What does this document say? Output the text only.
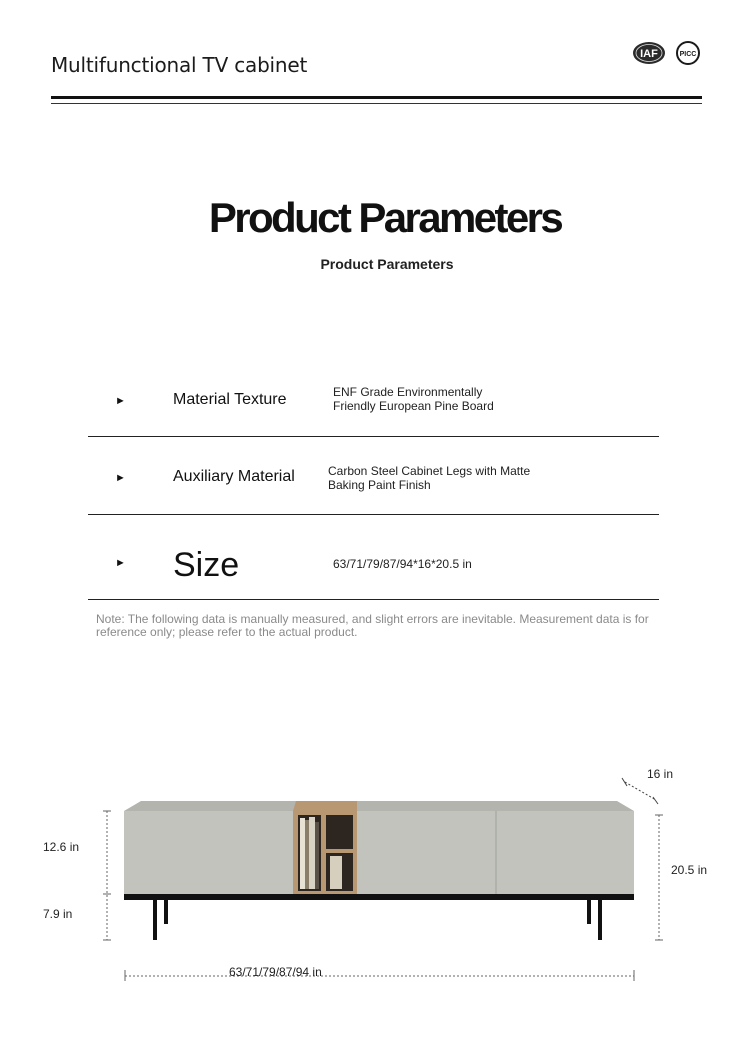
Multifunctional TV cabinet	IAF	PICC
Product Parameters
Product Parameters
►	Material Texture	ENF Grade Environmentally
Friendly European Pine Board
►	Auxiliary Material	Carbon Steel Cabinet Legs with Matte
Baking Paint Finish
► Size	63/71/79/87/94*16*20.5 in
Note: The following data is manually measured, and slight errors are inevitable. Measurement data is for reference only; please refer to the actual product.
16 in
12.6 in
7.9 in
20.5 in
63/71/79/87/94 in
